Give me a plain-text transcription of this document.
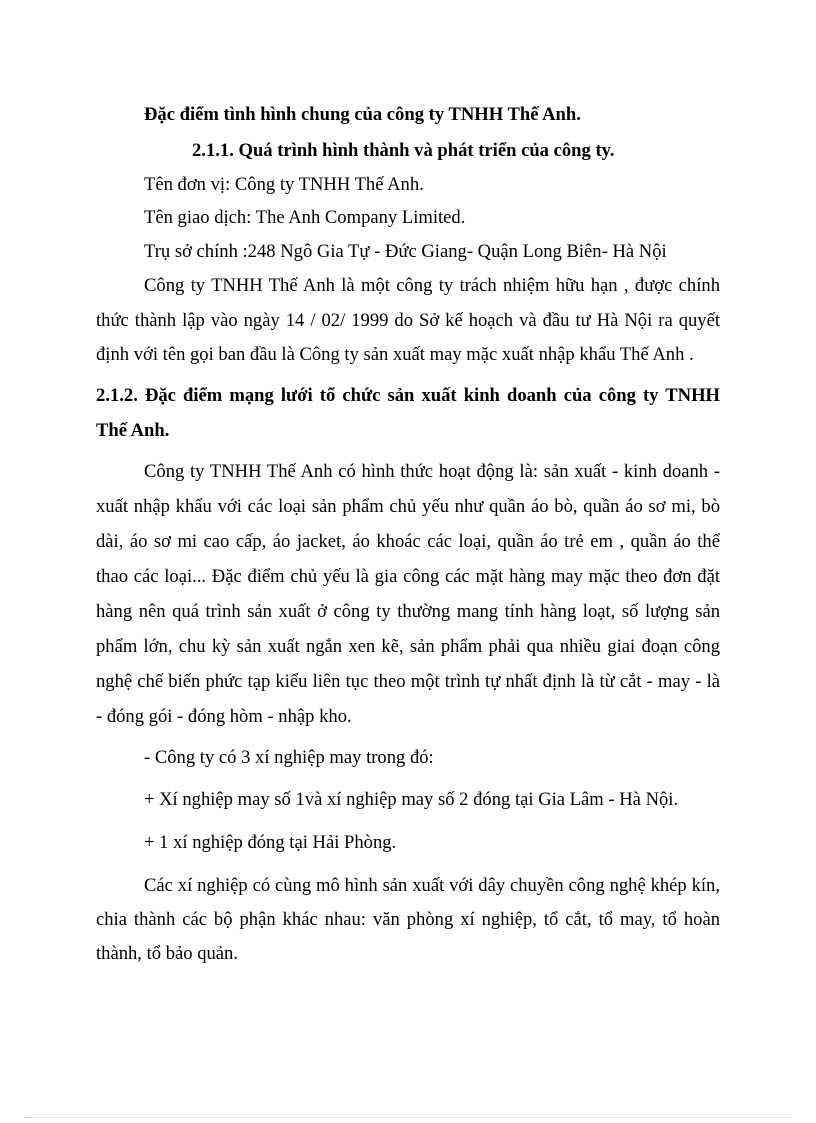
Đặc điểm tình hình chung của công ty TNHH Thế Anh.
2.1.1. Quá trình hình thành và phát triển của công ty.
Tên đơn vị: Công ty TNHH Thế Anh.
Tên giao dịch: The Anh Company Limited.
Trụ sở chính :248 Ngô Gia Tự - Đức Giang- Quận Long Biên- Hà Nội
Công ty TNHH Thế Anh là một công ty trách nhiệm hữu hạn , được chính
thức thành lập vào ngày 14 / 02/ 1999 do Sở kế hoạch và đầu tư Hà Nội ra quyết
định với tên gọi ban đầu là Công ty sản xuất may mặc xuất nhập khẩu Thế Anh .
2.1.2. Đặc điểm mạng lưới tổ chức sản xuất kinh doanh của công ty TNHH
Thế Anh.
Công ty TNHH Thế Anh có hình thức hoạt động là: sản xuất - kinh doanh -
xuất nhập khẩu với các loại sản phẩm chủ yếu như quần áo bò, quần áo sơ mi, bò
dài, áo sơ mi cao cấp, áo jacket, áo khoác các loại, quần áo trẻ em , quần áo thể
thao các loại... Đặc điểm chủ yếu là gia công các mặt hàng may mặc theo đơn đặt
hàng nên quá trình sản xuất ở công ty thường mang tính hàng loạt, số lượng sản
phẩm lớn, chu kỳ sản xuất ngắn xen kẽ, sản phẩm phải qua nhiều giai đoạn công
nghệ chế biến phức tạp kiểu liên tục theo một trình tự nhất định là từ cắt - may - là
- đóng gói - đóng hòm - nhập kho.
- Công ty có 3 xí nghiệp may trong đó:
+ Xí nghiệp may số 1và xí nghiệp may số 2 đóng tại Gia Lâm - Hà Nội.
+ 1 xí nghiệp đóng tại Hải Phòng.
Các xí nghiệp có cùng mô hình sản xuất với dây chuyền công nghệ khép kín,
chia thành các bộ phận khác nhau: văn phòng xí nghiệp, tổ cắt, tổ may, tổ hoàn
thành, tổ bảo quản.
